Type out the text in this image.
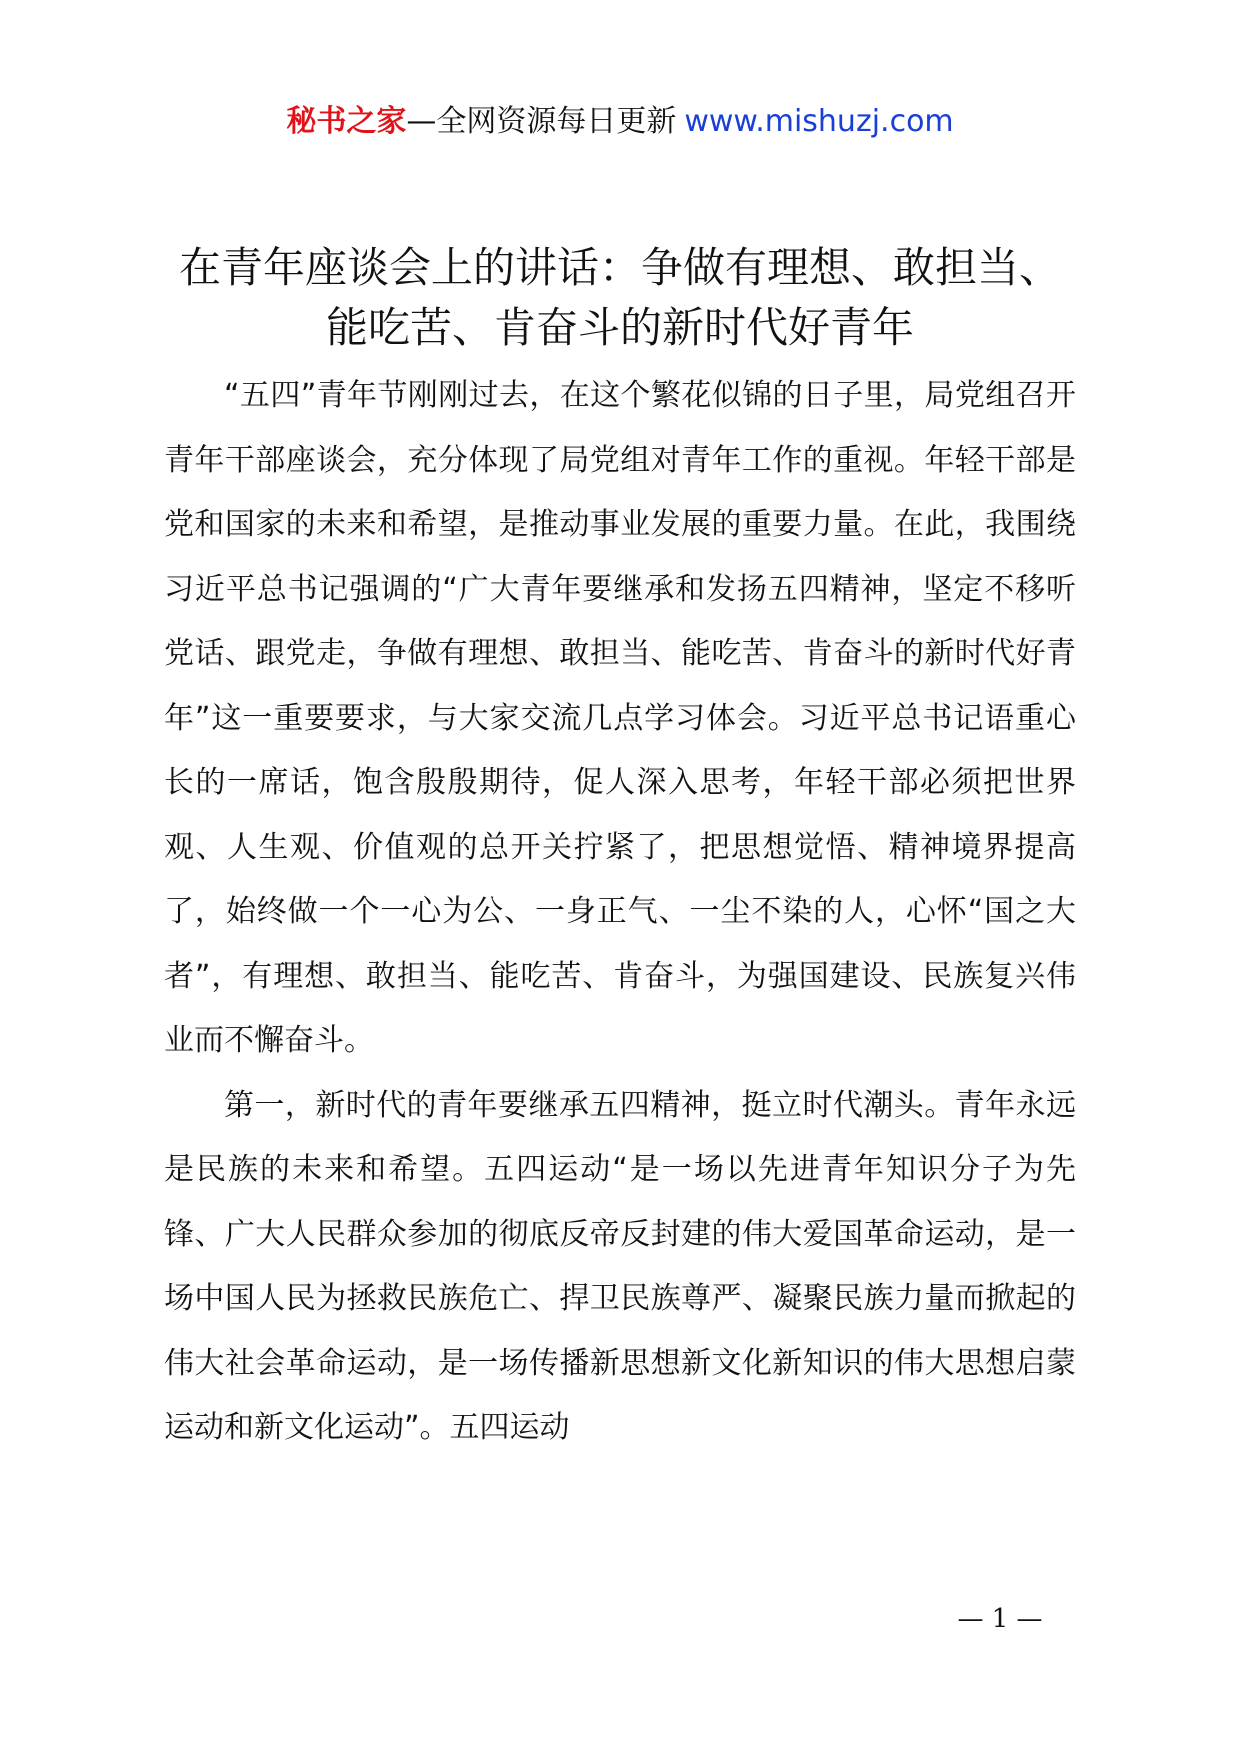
秘书之家—全网资源每日更新 www.mishuzj.com
在青年座谈会上的讲话：争做有理想、敢担当、
能吃苦、肯奋斗的新时代好青年

“五四”青年节刚刚过去，在这个繁花似锦的日子里，局党组召开青年干部座谈会，充分体现了局党组对青年工作的重视。年轻干部是党和国家的未来和希望，是推动事业发展的重要力量。在此，我围绕习近平总书记强调的“广大青年要继承和发扬五四精神，坚定不移听党话、跟党走，争做有理想、敢担当、能吃苦、肯奋斗的新时代好青年”这一重要要求，与大家交流几点学习体会。习近平总书记语重心长的一席话，饱含殷殷期待，促人深入思考，年轻干部必须把世界观、人生观、价值观的总开关拧紧了，把思想觉悟、精神境界提高了，始终做一个一心为公、一身正气、一尘不染的人，心怀“国之大者”，有理想、敢担当、能吃苦、肯奋斗，为强国建设、民族复兴伟业而不懈奋斗。

第一，新时代的青年要继承五四精神，挺立时代潮头。青年永远是民族的未来和希望。五四运动“是一场以先进青年知识分子为先锋、广大人民群众参加的彻底反帝反封建的伟大爱国革命运动，是一场中国人民为拯救民族危亡、捍卫民族尊严、凝聚民族力量而掀起的伟大社会革命运动，是一场传播新思想新文化新知识的伟大思想启蒙运动和新文化运动”。五四运动

— 1 —
